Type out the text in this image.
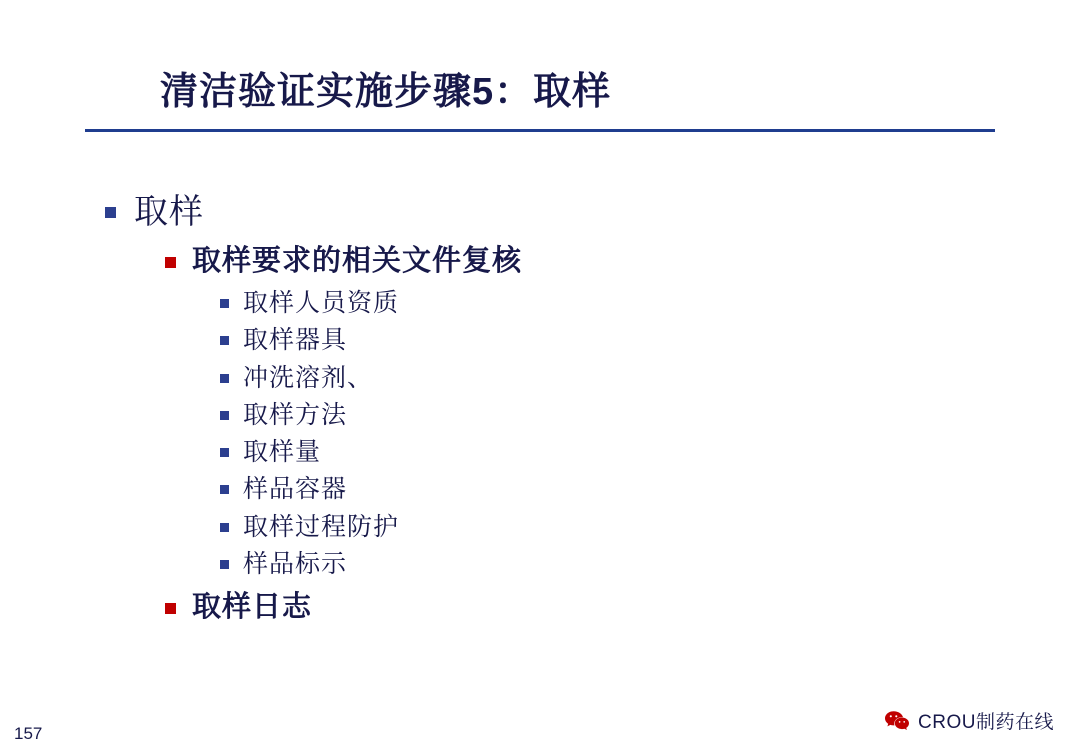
清洁验证实施步骤5：取样
取样
取样要求的相关文件复核
取样人员资质
取样器具
冲洗溶剂、
取样方法
取样量
样品容器
取样过程防护
样品标示
取样日志
157
CROU制药在线
